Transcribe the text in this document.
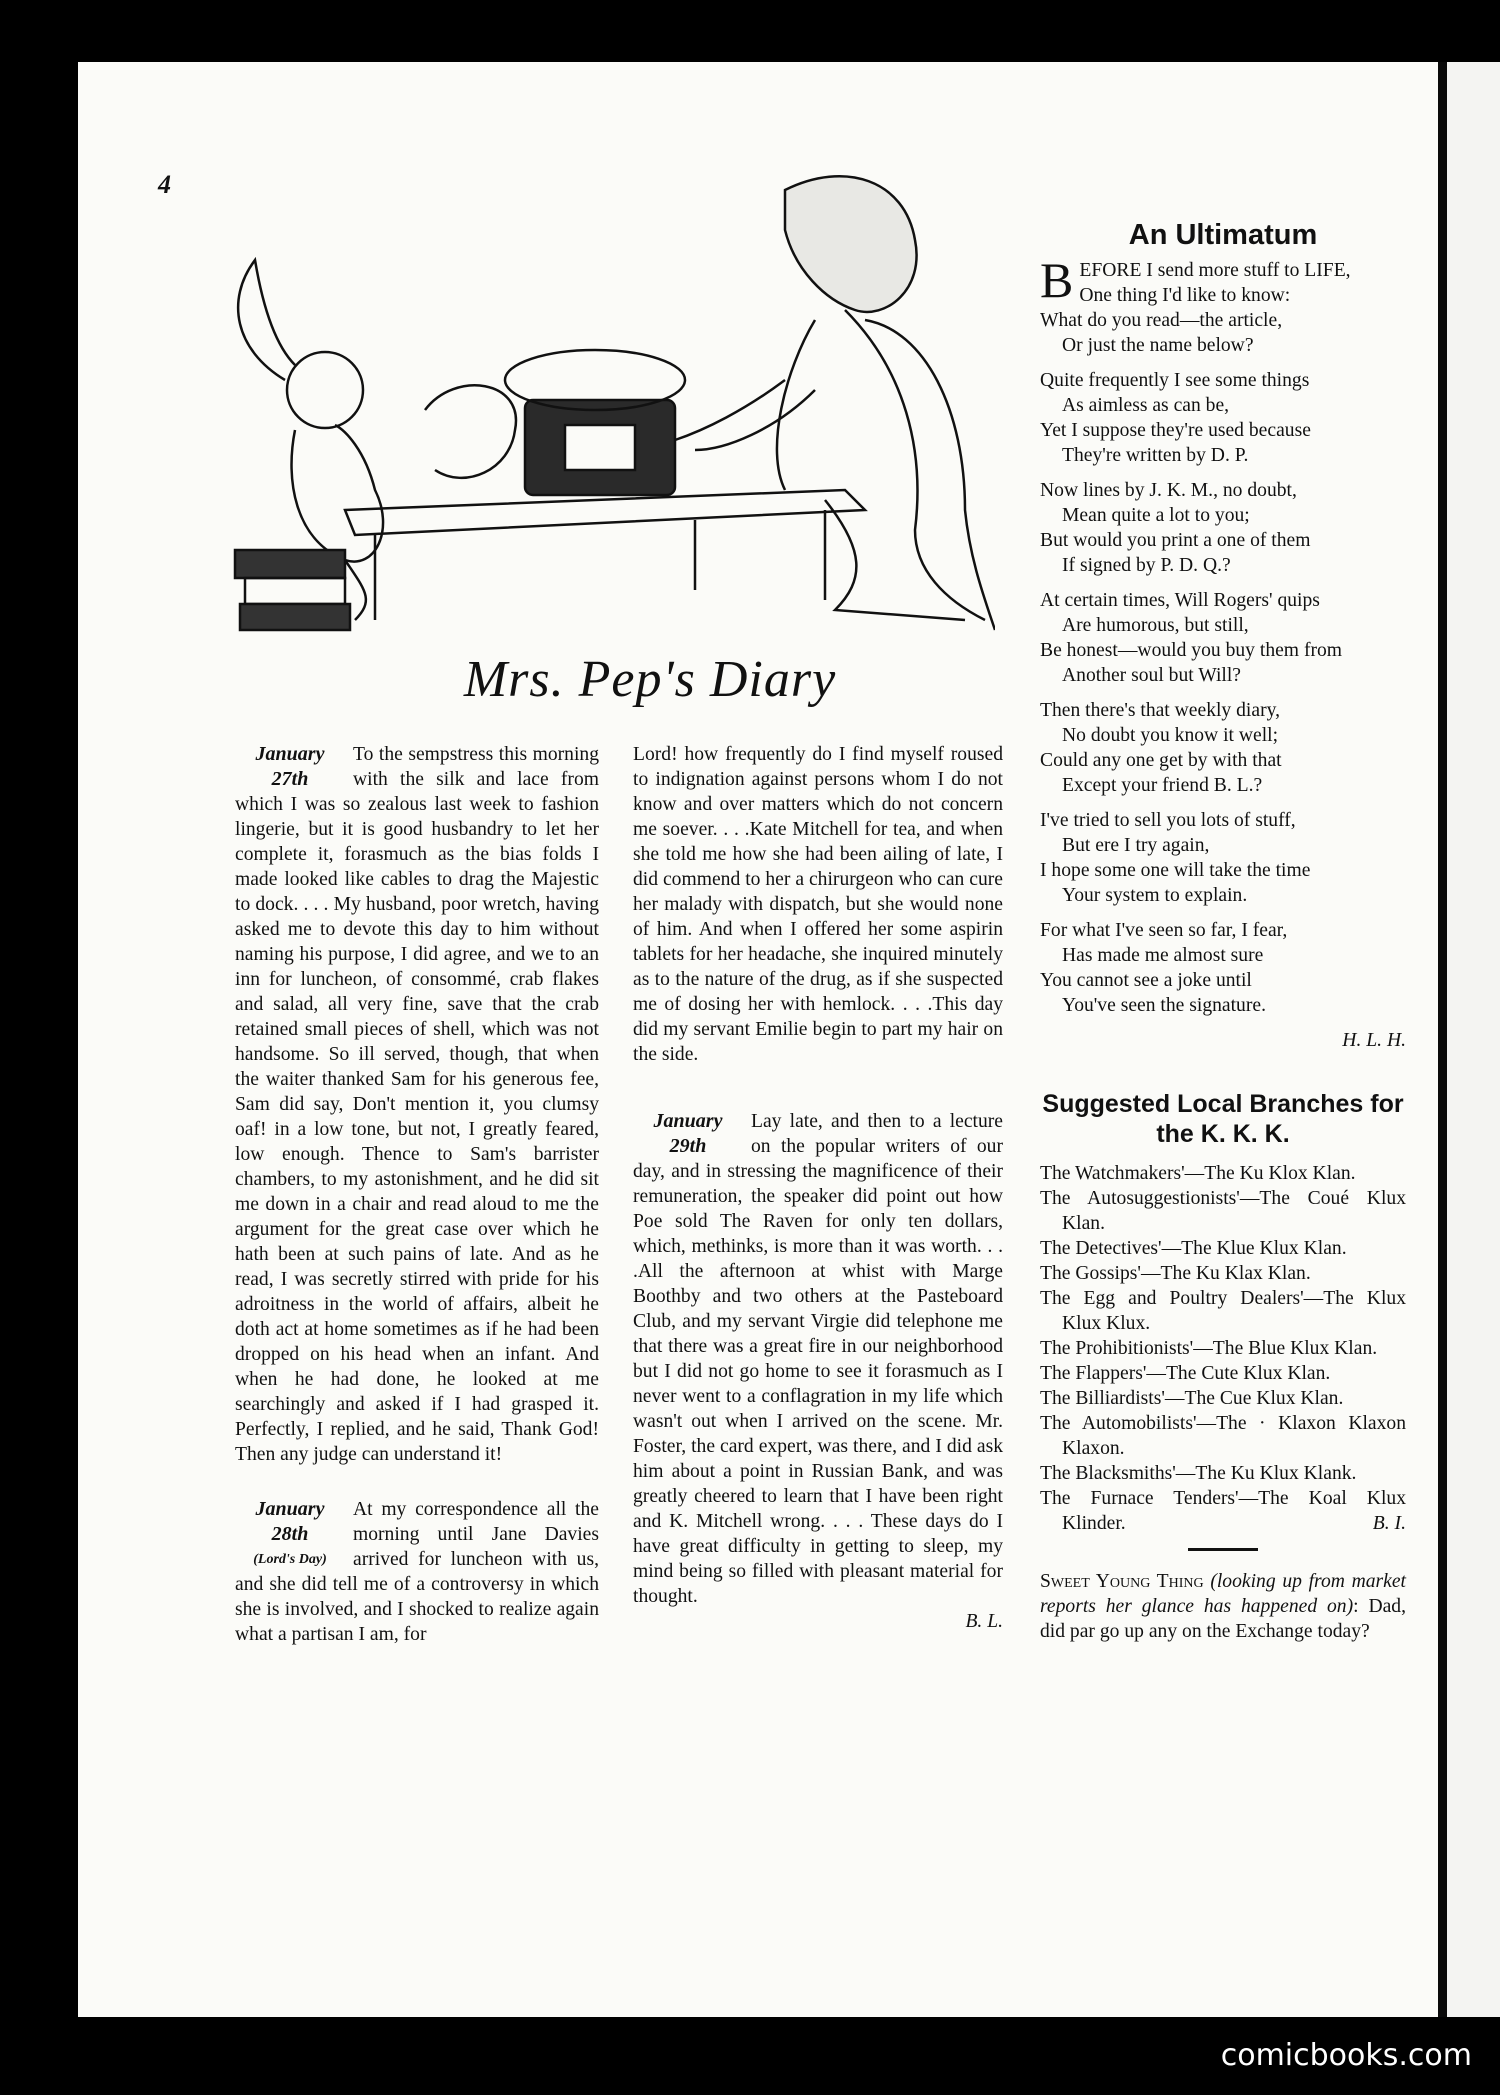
4
Mrs. Pep's Diary
January
27th

To the sempstress this morning with the silk and lace from which I was so zealous last week to fashion lingerie, but it is good husbandry to let her complete it, forasmuch as the bias folds I made looked like cables to drag the Majestic to dock. . . . My husband, poor wretch, having asked me to devote this day to him without naming his purpose, I did agree, and we to an inn for luncheon, of consommé, crab flakes and salad, all very fine, save that the crab retained small pieces of shell, which was not handsome. So ill served, though, that when the waiter thanked Sam for his generous fee, Sam did say, Don't mention it, you clumsy oaf! in a low tone, but not, I greatly feared, low enough. Thence to Sam's barrister chambers, to my astonishment, and he did sit me down in a chair and read aloud to me the argument for the great case over which he hath been at such pains of late. And as he read, I was secretly stirred with pride for his adroitness in the world of affairs, albeit he doth act at home sometimes as if he had been dropped on his head when an infant. And when he had done, he looked at me searchingly and asked if I had grasped it. Perfectly, I replied, and he said, Thank God! Then any judge can understand it!

January
28th
(Lord's Day)

At my correspondence all the morning until Jane Davies arrived for luncheon with us, and she did tell me of a controversy in which she is involved, and I shocked to realize again what a partisan I am, for

Lord! how frequently do I find myself roused to indignation against persons whom I do not know and over matters which do not concern me soever. . . .Kate Mitchell for tea, and when she told me how she had been ailing of late, I did commend to her a chirurgeon who can cure her malady with dispatch, but she would none of him. And when I offered her some aspirin tablets for her headache, she inquired minutely as to the nature of the drug, as if she suspected me of dosing her with hemlock. . . .This day did my servant Emilie begin to part my hair on the side.

January
29th

Lay late, and then to a lecture on the popular writers of our day, and in stressing the magnificence of their remuneration, the speaker did point out how Poe sold The Raven for only ten dollars, which, methinks, is more than it was worth. . . .All the afternoon at whist with Marge Boothby and two others at the Pasteboard Club, and my servant Virgie did telephone me that there was a great fire in our neighborhood but I did not go home to see it forasmuch as I never went to a conflagration in my life which wasn't out when I arrived on the scene. Mr. Foster, the card expert, was there, and I did ask him about a point in Russian Bank, and was greatly cheered to learn that I have been right and K. Mitchell wrong. . . . These days do I have great difficulty in getting to sleep, my mind being so filled with pleasant material for thought.

B. L.
An Ultimatum
B EFORE I send more stuff to LIFE,
One thing I'd like to know:
What do you read—the article,
Or just the name below?
Quite frequently I see some things
As aimless as can be,
Yet I suppose they're used because
They're written by D. P.
Now lines by J. K. M., no doubt,
Mean quite a lot to you;
But would you print a one of them
If signed by P. D. Q.?
At certain times, Will Rogers' quips
Are humorous, but still,
Be honest—would you buy them from
Another soul but Will?
Then there's that weekly diary,
No doubt you know it well;
Could any one get by with that
Except your friend B. L.?
I've tried to sell you lots of stuff,
But ere I try again,
I hope some one will take the time
Your system to explain.
For what I've seen so far, I fear,
Has made me almost sure
You cannot see a joke until
You've seen the signature.
H. L. H.
Suggested Local Branches for the K. K. K.

The Watchmakers'—The Ku Klox Klan.

The Autosuggestionists'—The Coué Klux Klan.

The Detectives'—The Klue Klux Klan.

The Gossips'—The Ku Klax Klan.

The Egg and Poultry Dealers'—The Klux Klux Klux.

The Prohibitionists'—The Blue Klux Klan.

The Flappers'—The Cute Klux Klan.

The Billiardists'—The Cue Klux Klan.

The Automobilists'—The · Klaxon Klaxon Klaxon.

The Blacksmiths'—The Ku Klux Klank.

The Furnace Tenders'—The Koal Klux Klinder.	B. I.

Sweet Young Thing (looking up from market reports her glance has happened on): Dad, did par go up any on the Exchange today?

comicbooks.com
